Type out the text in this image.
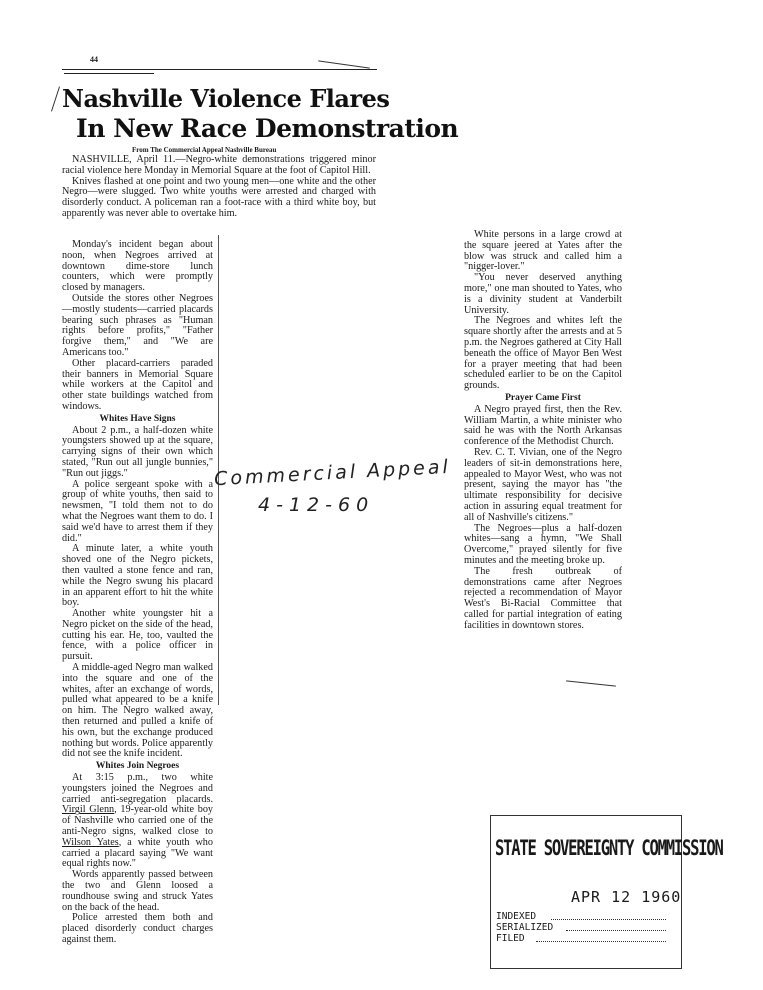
44
Nashville Violence Flares
In New Race Demonstration
From The Commercial Appeal Nashville Bureau

NASHVILLE, April 11.—Negro-white demonstrations triggered minor racial violence here Monday in Memorial Square at the foot of Capitol Hill.

Knives flashed at one point and two young men—one white and the other Negro—were slugged. Two white youths were arrested and charged with disorderly conduct. A policeman ran a foot-race with a third white boy, but apparently was never able to overtake him.

Monday's incident began about noon, when Negroes arrived at downtown dime-store lunch counters, which were promptly closed by managers.

Outside the stores other Negroes—mostly students—carried placards bearing such phrases as "Human rights before profits," "Father forgive them," and "We are Americans too."

Other placard-carriers paraded their banners in Memorial Square while workers at the Capitol and other state buildings watched from windows.

Whites Have Signs

About 2 p.m., a half-dozen white youngsters showed up at the square, carrying signs of their own which stated, "Run out all jungle bunnies," "Run out jiggs."

A police sergeant spoke with a group of white youths, then said to newsmen, "I told them not to do what the Negroes want them to do. I said we'd have to arrest them if they did."

A minute later, a white youth shoved one of the Negro pickets, then vaulted a stone fence and ran, while the Negro swung his placard in an apparent effort to hit the white boy.

Another white youngster hit a Negro picket on the side of the head, cutting his ear. He, too, vaulted the fence, with a police officer in pursuit.

A middle-aged Negro man walked into the square and one of the whites, after an exchange of words, pulled what appeared to be a knife on him. The Negro walked away, then returned and pulled a knife of his own, but the exchange produced nothing but words. Police apparently did not see the knife incident.

Whites Join Negroes

At 3:15 p.m., two white youngsters joined the Negroes and carried anti-segregation placards. Virgil Glenn, 19-year-old white boy of Nashville who carried one of the anti-Negro signs, walked close to Wilson Yates, a white youth who carried a placard saying "We want equal rights now."

Words apparently passed between the two and Glenn loosed a roundhouse swing and struck Yates on the back of the head.

Police arrested them both and placed disorderly conduct charges against them.

White persons in a large crowd at the square jeered at Yates after the blow was struck and called him a "nigger-lover."

"You never deserved anything more," one man shouted to Yates, who is a divinity student at Vanderbilt University.

The Negroes and whites left the square shortly after the arrests and at 5 p.m. the Negroes gathered at City Hall beneath the office of Mayor Ben West for a prayer meeting that had been scheduled earlier to be on the Capitol grounds.

Prayer Came First

A Negro prayed first, then the Rev. William Martin, a white minister who said he was with the North Arkansas conference of the Methodist Church.

Rev. C. T. Vivian, one of the Negro leaders of sit-in demonstrations here, appealed to Mayor West, who was not present, saying the mayor has "the ultimate responsibility for decisive action in assuring equal treatment for all of Nashville's citizens."

The Negroes—plus a half-dozen whites—sang a hymn, "We Shall Overcome," prayed silently for five minutes and the meeting broke up.

The fresh outbreak of demonstrations came after Negroes rejected a recommendation of Mayor West's Bi-Racial Committee that called for partial integration of eating facilities in downtown stores.

Commercial Appeal
4-12-60
STATE SOVEREIGNTY COMMISSION
APR 12 1960
INDEXED
SERIALIZED
FILED
